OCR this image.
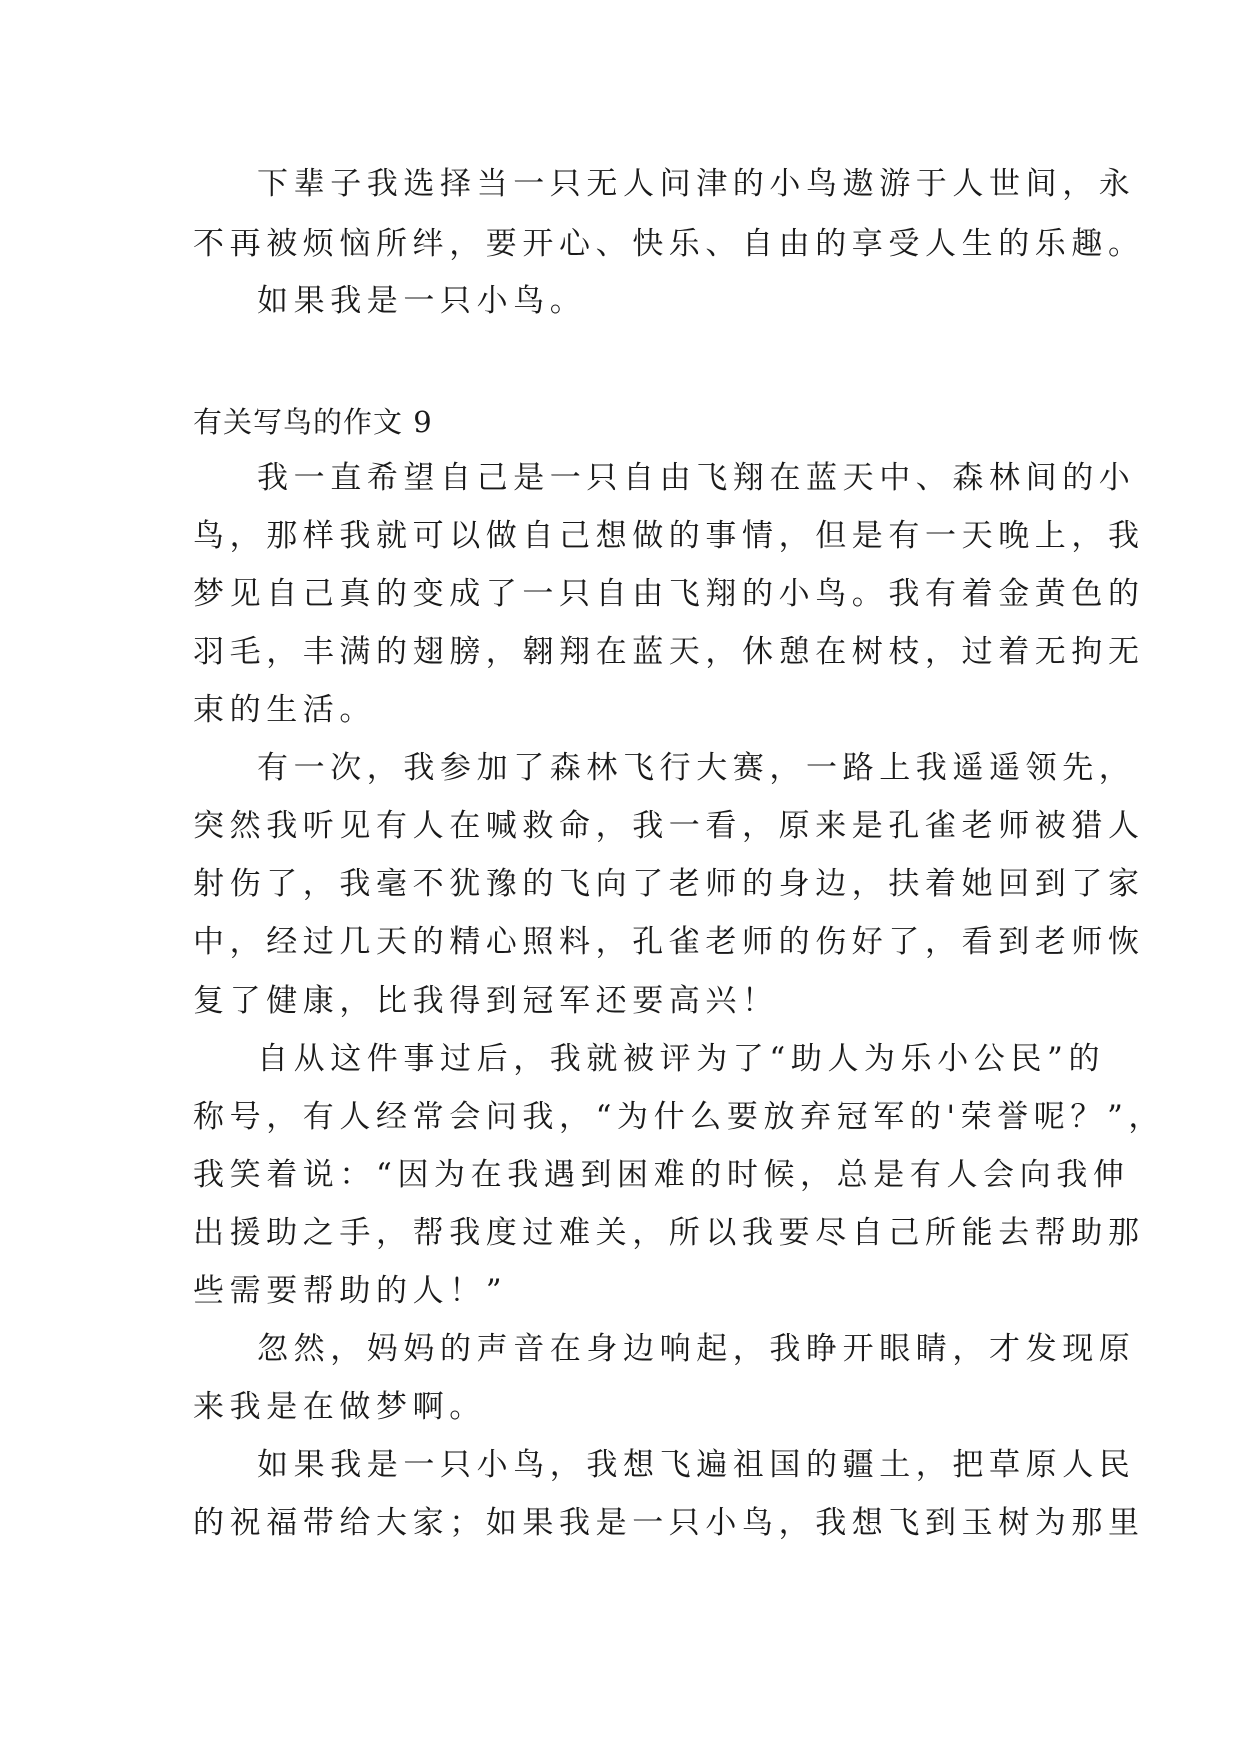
下辈子我选择当一只无人问津的小鸟遨游于人世间，永
不再被烦恼所绊，要开心、快乐、自由的享受人生的乐趣。
如果我是一只小鸟。
有关写鸟的作文 9
我一直希望自己是一只自由飞翔在蓝天中、森林间的小
鸟，那样我就可以做自己想做的事情，但是有一天晚上，我
梦见自己真的变成了一只自由飞翔的小鸟。我有着金黄色的
羽毛，丰满的翅膀，翱翔在蓝天，休憩在树枝，过着无拘无
束的生活。
有一次，我参加了森林飞行大赛，一路上我遥遥领先，
突然我听见有人在喊救命，我一看，原来是孔雀老师被猎人
射伤了，我毫不犹豫的飞向了老师的身边，扶着她回到了家
中，经过几天的精心照料，孔雀老师的伤好了，看到老师恢
复了健康，比我得到冠军还要高兴！
自从这件事过后，我就被评为了“助人为乐小公民”的
称号，有人经常会问我，“为什么要放弃冠军的'荣誉呢？”，
我笑着说：“因为在我遇到困难的时候，总是有人会向我伸
出援助之手，帮我度过难关，所以我要尽自己所能去帮助那
些需要帮助的人！”
忽然，妈妈的声音在身边响起，我睁开眼睛，才发现原
来我是在做梦啊。
如果我是一只小鸟，我想飞遍祖国的疆土，把草原人民
的祝福带给大家；如果我是一只小鸟，我想飞到玉树为那里
